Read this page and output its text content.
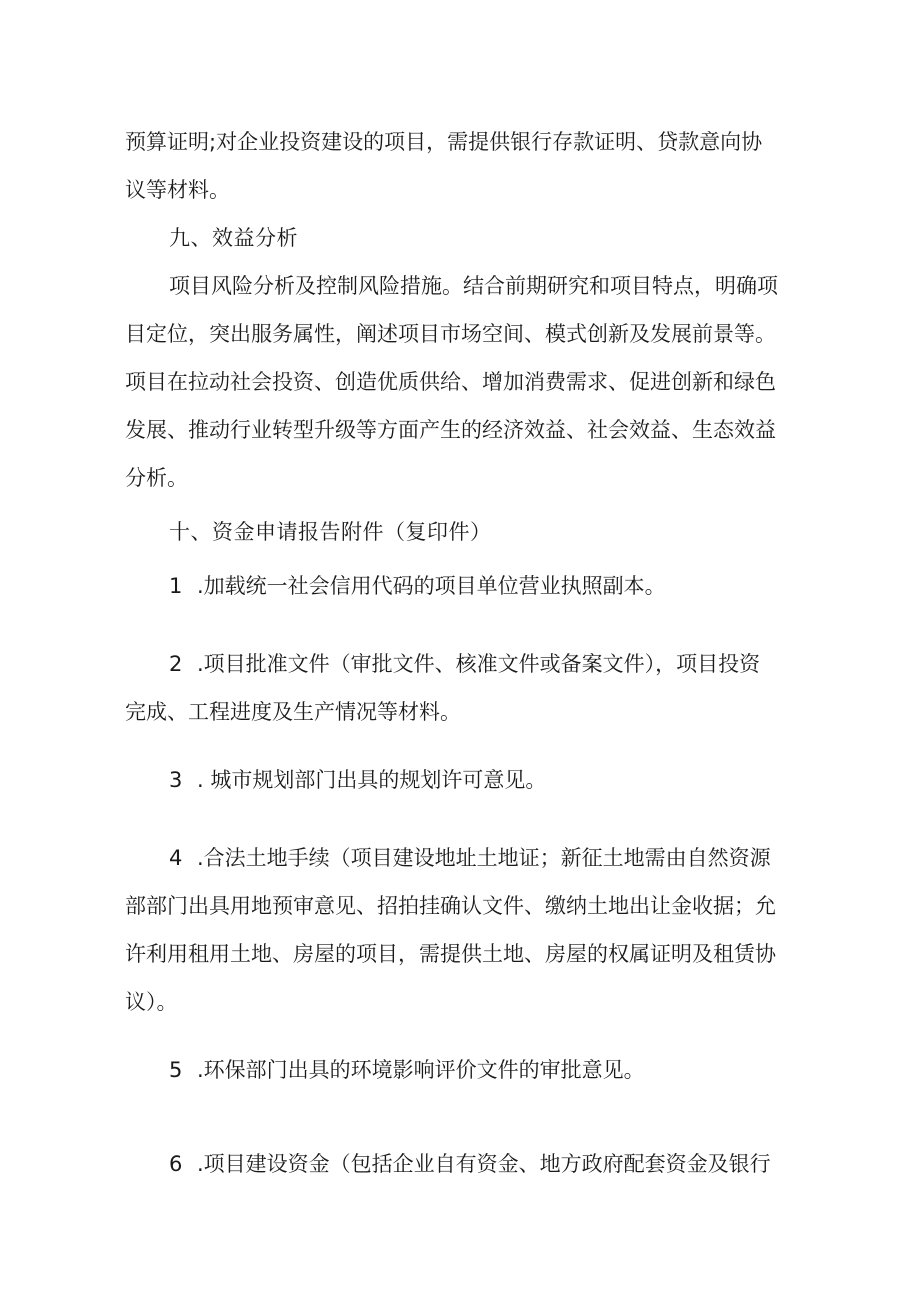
预算证明;对企业投资建设的项目，需提供银行存款证明、贷款意向协
议等材料。
九、效益分析
项目风险分析及控制风险措施。结合前期研究和项目特点，明确项
目定位，突出服务属性，阐述项目市场空间、模式创新及发展前景等。
项目在拉动社会投资、创造优质供给、增加消费需求、促进创新和绿色
发展、推动行业转型升级等方面产生的经济效益、社会效益、生态效益
分析。
十、资金申请报告附件（复印件）
1 .加载统一社会信用代码的项目单位营业执照副本。
2 .项目批准文件（审批文件、核准文件或备案文件），项目投资
完成、工程进度及生产情况等材料。
3 . 城市规划部门出具的规划许可意见。
4 .合法土地手续（项目建设地址土地证；新征土地需由自然资源
部部门出具用地预审意见、招拍挂确认文件、缴纳土地出让金收据；允
许利用租用土地、房屋的项目，需提供土地、房屋的权属证明及租赁协
议）。
5 .环保部门出具的环境影响评价文件的审批意见。
6 .项目建设资金（包括企业自有资金、地方政府配套资金及银行
